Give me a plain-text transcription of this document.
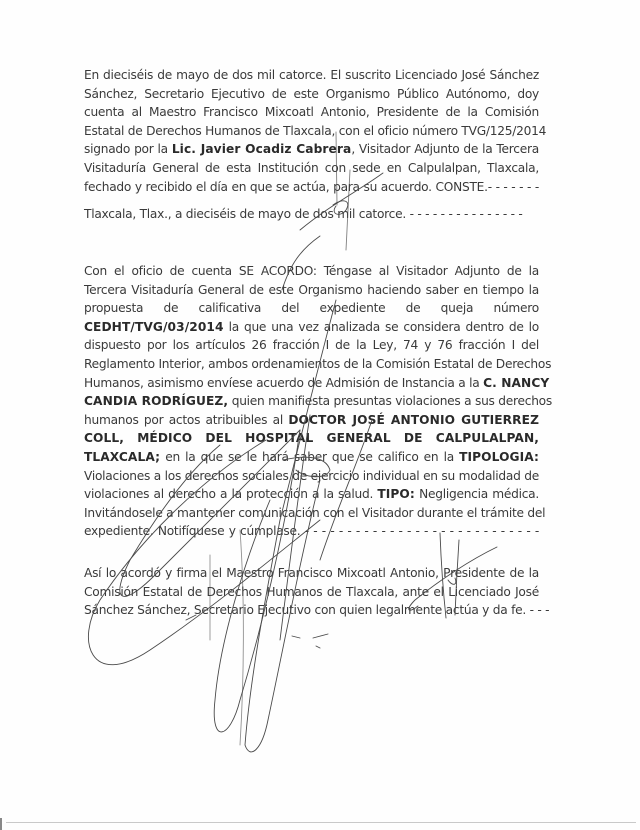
En dieciséis de mayo de dos mil catorce. El suscrito Licenciado José Sánchez
Sánchez, Secretario Ejecutivo de este Organismo Público Autónomo, doy
cuenta al Maestro Francisco Mixcoatl Antonio, Presidente de la Comisión
Estatal de Derechos Humanos de Tlaxcala, con el oficio número TVG/125/2014
signado por la Lic. Javier Ocadiz Cabrera, Visitador Adjunto de la Tercera
Visitaduría General de esta Institución con sede en Calpulalpan, Tlaxcala,
fechado y recibido el día en que se actúa, para su acuerdo. CONSTE.- - - - - - -
Tlaxcala, Tlax., a dieciséis de mayo de dos mil catorce. - - - - - - - - - - - - - - -
Con el oficio de cuenta SE ACORDO: Téngase al Visitador Adjunto de la
Tercera Visitaduría General de este Organismo haciendo saber en tiempo la
propuesta de calificativa del expediente de queja número
CEDHT/TVG/03/2014 la que una vez analizada se considera dentro de lo
dispuesto por los artículos 26 fracción I de la Ley, 74 y 76 fracción I del
Reglamento Interior, ambos ordenamientos de la Comisión Estatal de Derechos
Humanos, asimismo envíese acuerdo de Admisión de Instancia a la C. NANCY
CANDIA RODRÍGUEZ, quien manifiesta presuntas violaciones a sus derechos
humanos por actos atribuibles al DOCTOR JOSÉ ANTONIO GUTIERREZ
COLL, MÉDICO DEL HOSPITAL GENERAL DE CALPULALPAN,
TLAXCALA; en la que se le hará saber que se califico en la TIPOLOGIA:
Violaciones a los derechos sociales de ejercicio individual en su modalidad de
violaciones al derecho a la protección a la salud. TIPO: Negligencia médica.
Invitándosele a mantener comunicación con el Visitador durante el trámite del
expediente. Notifíquese y cúmplase. - - - - - - - - - - - - - - - - - - - - - - - - - - - -
Así lo acordó y firma el Maestro Francisco Mixcoatl Antonio, Presidente de la
Comisión Estatal de Derechos Humanos de Tlaxcala, ante el Licenciado José
Sánchez Sánchez, Secretario Ejecutivo con quien legalmente actúa y da fe. - - -
